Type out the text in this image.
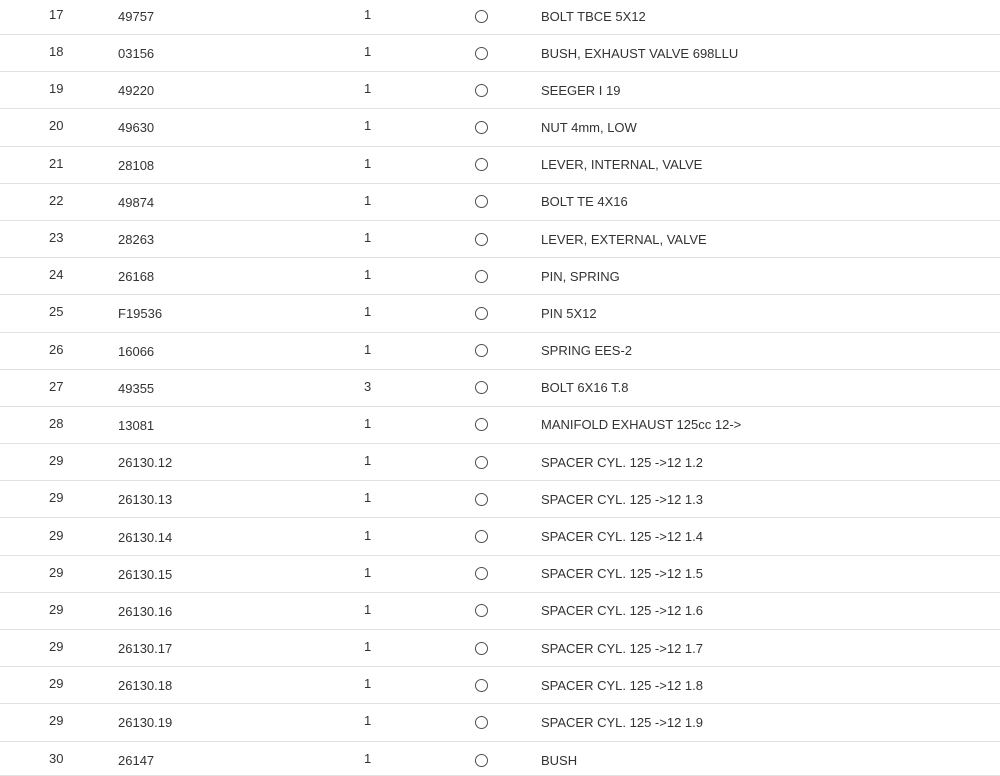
17	49757	1	BOLT TBCE 5X12
18	03156	1	BUSH, EXHAUST VALVE 698LLU
19	49220	1	SEEGER I 19
20	49630	1	NUT 4mm, LOW
21	28108	1	LEVER, INTERNAL, VALVE
22	49874	1	BOLT TE 4X16
23	28263	1	LEVER, EXTERNAL, VALVE
24	26168	1	PIN, SPRING
25	F19536	1	PIN 5X12
26	16066	1	SPRING EES-2
27	49355	3	BOLT 6X16 T.8
28	13081	1	MANIFOLD EXHAUST 125cc 12->
29	26130.12	1	SPACER CYL. 125 ->12 1.2
29	26130.13	1	SPACER CYL. 125 ->12 1.3
29	26130.14	1	SPACER CYL. 125 ->12 1.4
29	26130.15	1	SPACER CYL. 125 ->12 1.5
29	26130.16	1	SPACER CYL. 125 ->12 1.6
29	26130.17	1	SPACER CYL. 125 ->12 1.7
29	26130.18	1	SPACER CYL. 125 ->12 1.8
29	26130.19	1	SPACER CYL. 125 ->12 1.9
30	26147	1	BUSH
